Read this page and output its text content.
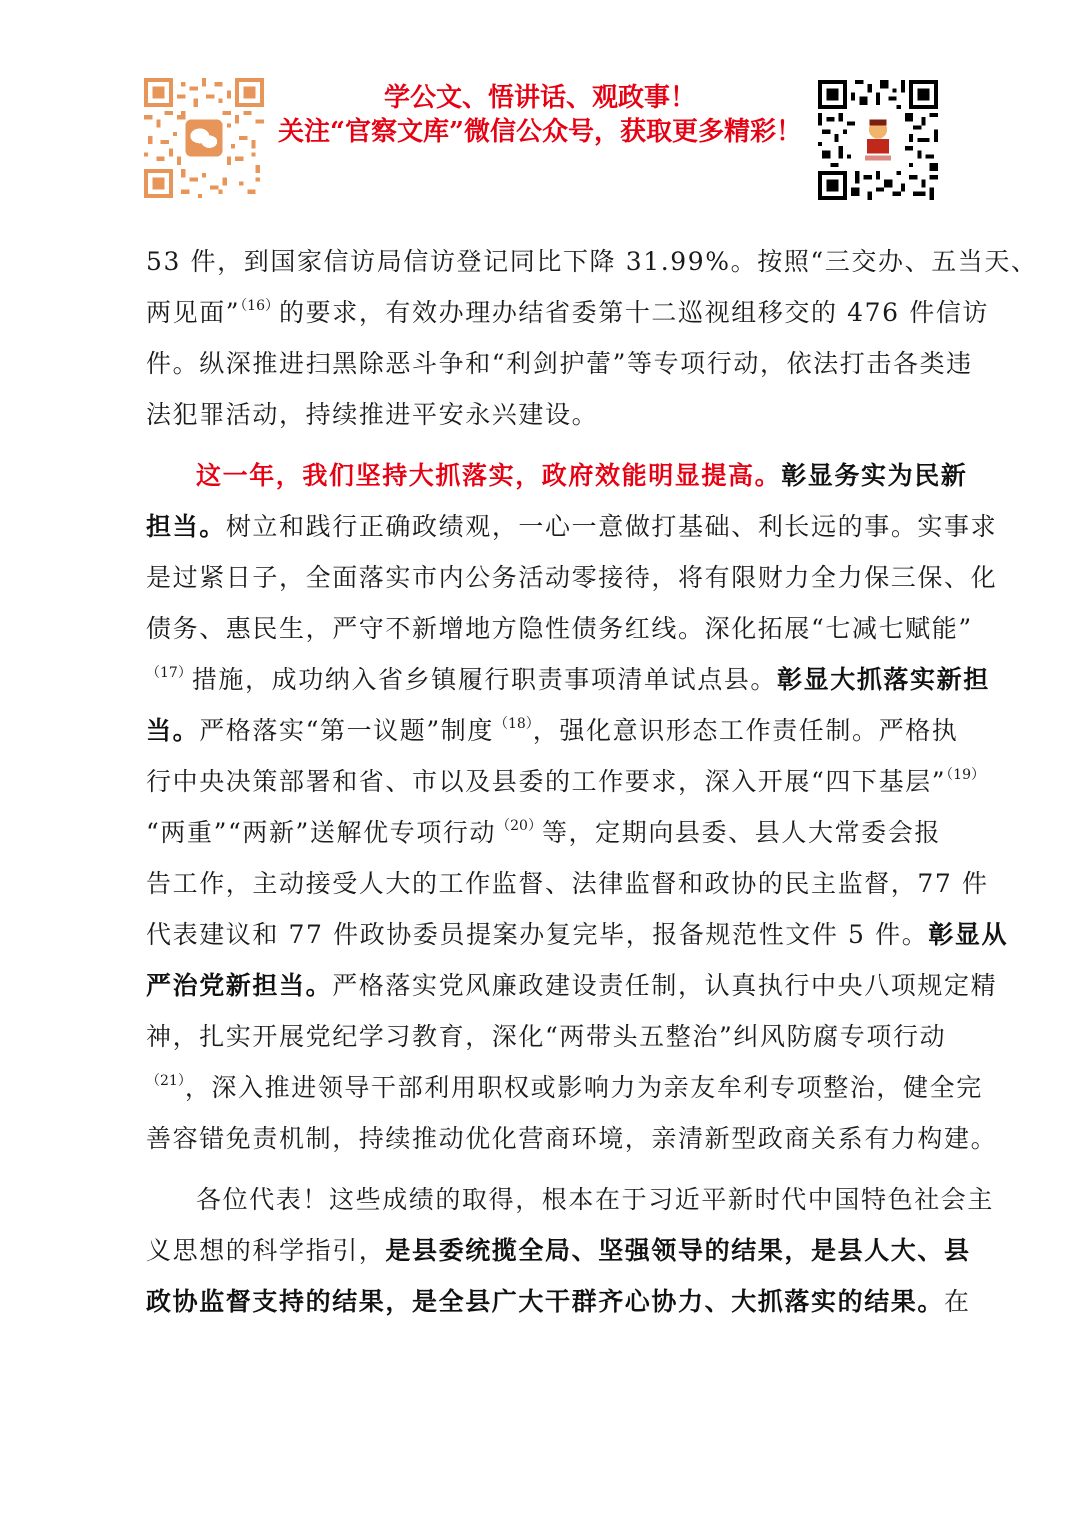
学公文、悟讲话、观政事！
关注“官察文库”微信公众号，获取更多精彩！
53 件，到国家信访局信访登记同比下降 31.99%。按照“三交办、五当天、
两见面”$^{(16)}$的要求，有效办理办结省委第十二巡视组移交的 476 件信访
件。纵深推进扫黑除恶斗争和“利剑护蕾”等专项行动，依法打击各类违
法犯罪活动，持续推进平安永兴建设。
这一年，我们坚持大抓落实，政府效能明显提高。彰显务实为民新
担当。树立和践行正确政绩观，一心一意做打基础、利长远的事。实事求
是过紧日子，全面落实市内公务活动零接待，将有限财力全力保三保、化
债务、惠民生，严守不新增地方隐性债务红线。深化拓展“七减七赋能”
$^{(17)}$措施，成功纳入省乡镇履行职责事项清单试点县。彰显大抓落实新担
当。严格落实“第一议题”制度$^{(18)}$，强化意识形态工作责任制。严格执
行中央决策部署和省、市以及县委的工作要求，深入开展“四下基层”$^{(19)}$
“两重”“两新”送解优专项行动$^{(20)}$等，定期向县委、县人大常委会报
告工作，主动接受人大的工作监督、法律监督和政协的民主监督，77 件
代表建议和 77 件政协委员提案办复完毕，报备规范性文件 5 件。彰显从
严治党新担当。严格落实党风廉政建设责任制，认真执行中央八项规定精
神，扎实开展党纪学习教育，深化“两带头五整治”纠风防腐专项行动
$^{(21)}$，深入推进领导干部利用职权或影响力为亲友牟利专项整治，健全完
善容错免责机制，持续推动优化营商环境，亲清新型政商关系有力构建。
各位代表！这些成绩的取得，根本在于习近平新时代中国特色社会主
义思想的科学指引，是县委统揽全局、坚强领导的结果，是县人大、县
政协监督支持的结果，是全县广大干群齐心协力、大抓落实的结果。在
